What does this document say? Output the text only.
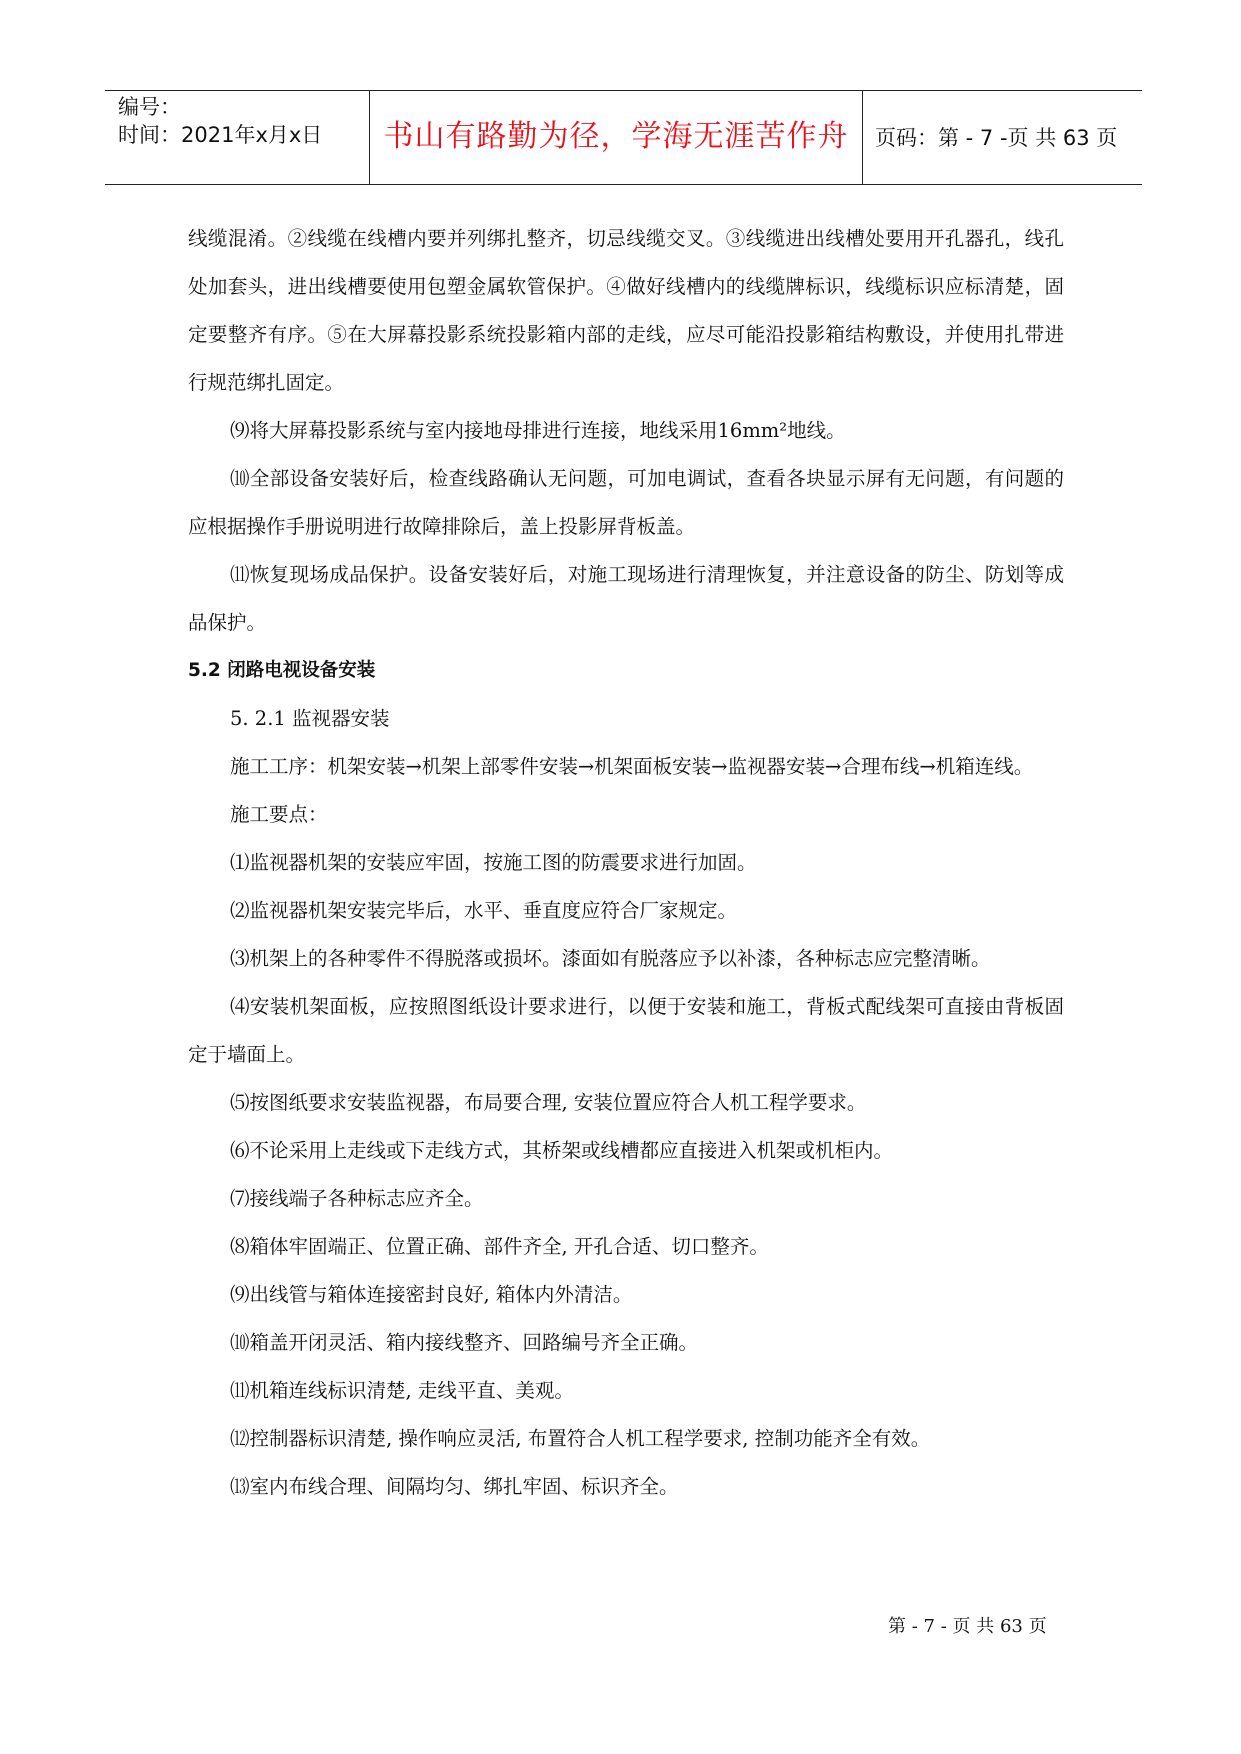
编号：
时间：2021年x月x日	书山有路勤为径，学海无涯苦作舟	页码：第 - 7 -页 共 63 页

线缆混淆。②线缆在线槽内要并列绑扎整齐，切忌线缆交叉。③线缆进出线槽处要用开孔器孔，线孔处加套头，进出线槽要使用包塑金属软管保护。④做好线槽内的线缆牌标识，线缆标识应标清楚，固定要整齐有序。⑤在大屏幕投影系统投影箱内部的走线，应尽可能沿投影箱结构敷设，并使用扎带进行规范绑扎固定。

⑼将大屏幕投影系统与室内接地母排进行连接，地线采用16mm²地线。

⑽全部设备安装好后，检查线路确认无问题，可加电调试，查看各块显示屏有无问题，有问题的应根据操作手册说明进行故障排除后，盖上投影屏背板盖。

⑾恢复现场成品保护。设备安装好后，对施工现场进行清理恢复，并注意设备的防尘、防划等成品保护。

5.2 闭路电视设备安装

5. 2.1 监视器安装

施工工序：机架安装→机架上部零件安装→机架面板安装→监视器安装→合理布线→机箱连线。

施工要点：

⑴监视器机架的安装应牢固，按施工图的防震要求进行加固。

⑵监视器机架安装完毕后，水平、垂直度应符合厂家规定。

⑶机架上的各种零件不得脱落或损坏。漆面如有脱落应予以补漆，各种标志应完整清晰。

⑷安装机架面板，应按照图纸设计要求进行，以便于安装和施工，背板式配线架可直接由背板固定于墙面上。

⑸按图纸要求安装监视器，布局要合理, 安装位置应符合人机工程学要求。

⑹不论采用上走线或下走线方式，其桥架或线槽都应直接进入机架或机柜内。

⑺接线端子各种标志应齐全。

⑻箱体牢固端正、位置正确、部件齐全, 开孔合适、切口整齐。

⑼出线管与箱体连接密封良好, 箱体内外清洁。

⑽箱盖开闭灵活、箱内接线整齐、回路编号齐全正确。

⑾机箱连线标识清楚, 走线平直、美观。

⑿控制器标识清楚, 操作响应灵活, 布置符合人机工程学要求, 控制功能齐全有效。

⒀室内布线合理、间隔均匀、绑扎牢固、标识齐全。

第 - 7 - 页 共 63 页
